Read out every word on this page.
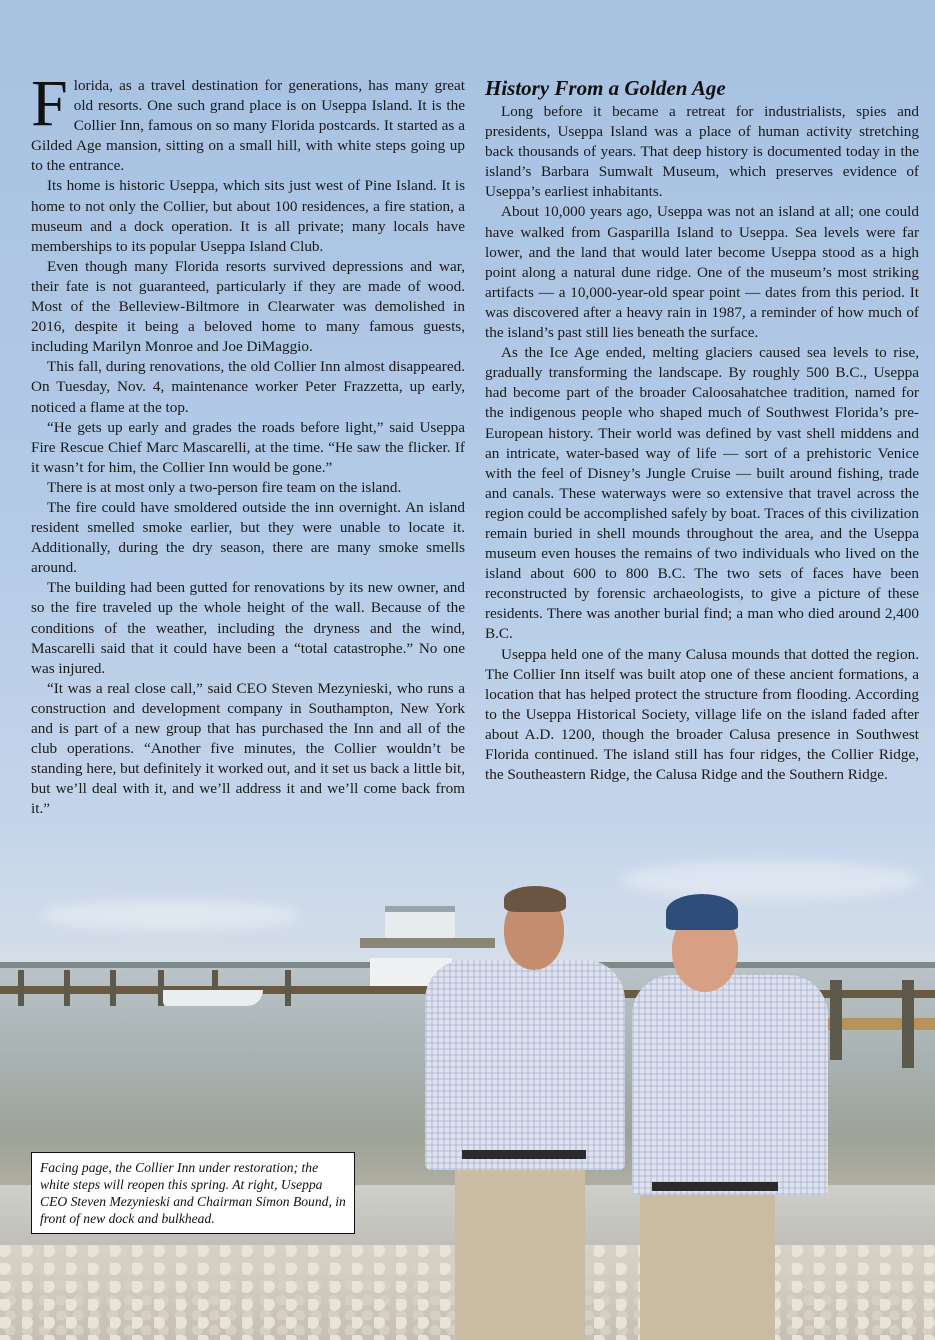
Florida, as a travel destination for generations, has many great old resorts. One such grand place is on Useppa Island. It is the Collier Inn, famous on so many Florida postcards. It started as a Gilded Age mansion, sitting on a small hill, with white steps going up to the entrance.

Its home is historic Useppa, which sits just west of Pine Island. It is home to not only the Collier, but about 100 residences, a fire station, a museum and a dock operation. It is all private; many locals have memberships to its popular Useppa Island Club.

Even though many Florida resorts survived depressions and war, their fate is not guaranteed, particularly if they are made of wood. Most of the Belleview-Biltmore in Clearwater was demolished in 2016, despite it being a beloved home to many famous guests, including Marilyn Monroe and Joe DiMaggio.

This fall, during renovations, the old Collier Inn almost disappeared. On Tuesday, Nov. 4, maintenance worker Peter Frazzetta, up early, noticed a flame at the top.

“He gets up early and grades the roads before light,” said Useppa Fire Rescue Chief Marc Mascarelli, at the time. “He saw the flicker. If it wasn’t for him, the Collier Inn would be gone.”

There is at most only a two-person fire team on the island.

The fire could have smoldered outside the inn overnight. An island resident smelled smoke earlier, but they were unable to locate it. Additionally, during the dry season, there are many smoke smells around.

The building had been gutted for renovations by its new owner, and so the fire traveled up the whole height of the wall. Because of the conditions of the weather, including the dryness and the wind, Mascarelli said that it could have been a “total catastrophe.” No one was injured.

“It was a real close call,” said CEO Steven Mezynieski, who runs a construction and development company in Southampton, New York and is part of a new group that has purchased the Inn and all of the club operations. “Another five minutes, the Collier wouldn’t be standing here, but definitely it worked out, and it set us back a little bit, but we’ll deal with it, and we’ll address it and we’ll come back from it.”

History From a Golden Age

Long before it became a retreat for industrialists, spies and presidents, Useppa Island was a place of human activity stretching back thousands of years. That deep history is documented today in the island’s Barbara Sumwalt Museum, which preserves evidence of Useppa’s earliest inhabitants.

About 10,000 years ago, Useppa was not an island at all; one could have walked from Gasparilla Island to Useppa. Sea levels were far lower, and the land that would later become Useppa stood as a high point along a natural dune ridge. One of the museum’s most striking artifacts — a 10,000-year-old spear point — dates from this period. It was discovered after a heavy rain in 1987, a reminder of how much of the island’s past still lies beneath the surface.

As the Ice Age ended, melting glaciers caused sea levels to rise, gradually transforming the landscape. By roughly 500 B.C., Useppa had become part of the broader Caloosahatchee tradition, named for the indigenous people who shaped much of Southwest Florida’s pre-European history. Their world was defined by vast shell middens and an intricate, water-based way of life — sort of a prehistoric Venice with the feel of Disney’s Jungle Cruise — built around fishing, trade and canals. These waterways were so extensive that travel across the region could be accomplished safely by boat. Traces of this civilization remain buried in shell mounds throughout the area, and the Useppa museum even houses the remains of two individuals who lived on the island about 600 to 800 B.C. The two sets of faces have been reconstructed by forensic archaeologists, to give a picture of these residents. There was another burial find; a man who died around 2,400 B.C.

Useppa held one of the many Calusa mounds that dotted the region. The Collier Inn itself was built atop one of these ancient formations, a location that has helped protect the structure from flooding. According to the Useppa Historical Society, village life on the island faded after about A.D. 1200, though the broader Calusa presence in Southwest Florida continued. The island still has four ridges, the Collier Ridge, the Southeastern Ridge, the Calusa Ridge and the Southern Ridge.

Facing page, the Collier Inn under restoration; the white steps will reopen this spring. At right, Useppa CEO Steven Mezynieski and Chairman Simon Bound, in front of new dock and bulkhead.
